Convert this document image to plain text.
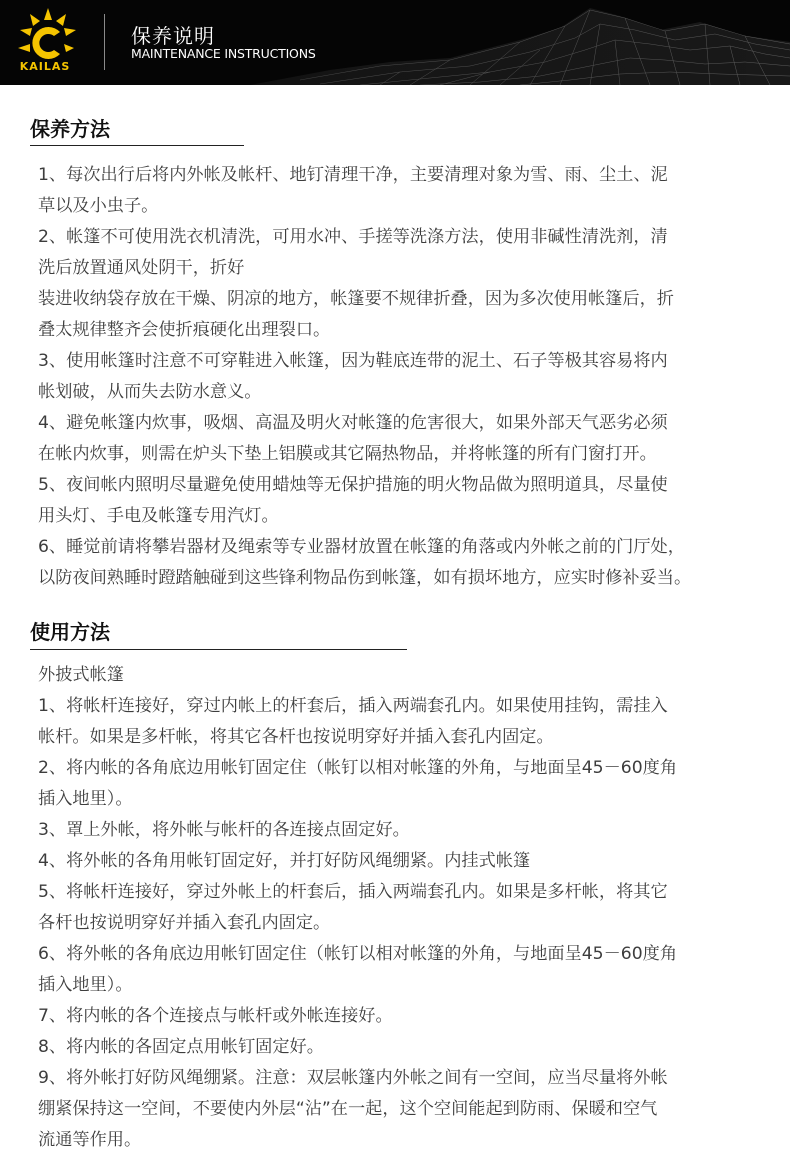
KAILAS
保养说明
MAINTENANCE INSTRUCTIONS
保养方法
1、每次出行后将内外帐及帐杆、地钉清理干净，主要清理对象为雪、雨、尘土、泥
草以及小虫子。
2、帐篷不可使用洗衣机清洗，可用水冲、手搓等洗涤方法，使用非碱性清洗剂，清
洗后放置通风处阴干，折好
装进收纳袋存放在干燥、阴凉的地方，帐篷要不规律折叠，因为多次使用帐篷后，折
叠太规律整齐会使折痕硬化出理裂口。
3、使用帐篷时注意不可穿鞋进入帐篷，因为鞋底连带的泥土、石子等极其容易将内
帐划破，从而失去防水意义。
4、避免帐篷内炊事，吸烟、高温及明火对帐篷的危害很大，如果外部天气恶劣必须
在帐内炊事，则需在炉头下垫上铝膜或其它隔热物品，并将帐篷的所有门窗打开。
5、夜间帐内照明尽量避免使用蜡烛等无保护措施的明火物品做为照明道具，尽量使
用头灯、手电及帐篷专用汽灯。
6、睡觉前请将攀岩器材及绳索等专业器材放置在帐篷的角落或内外帐之前的门厅处，
以防夜间熟睡时蹬踏触碰到这些锋利物品伤到帐篷，如有损坏地方，应实时修补妥当。
使用方法
外披式帐篷
1、将帐杆连接好，穿过内帐上的杆套后，插入两端套孔内。如果使用挂钩，需挂入
帐杆。如果是多杆帐，将其它各杆也按说明穿好并插入套孔内固定。
2、将内帐的各角底边用帐钉固定住（帐钉以相对帐篷的外角，与地面呈45－60度角
插入地里）。
3、罩上外帐，将外帐与帐杆的各连接点固定好。
4、将外帐的各角用帐钉固定好，并打好防风绳绷紧。内挂式帐篷
5、将帐杆连接好，穿过外帐上的杆套后，插入两端套孔内。如果是多杆帐，将其它
各杆也按说明穿好并插入套孔内固定。
6、将外帐的各角底边用帐钉固定住（帐钉以相对帐篷的外角，与地面呈45－60度角
插入地里）。
7、将内帐的各个连接点与帐杆或外帐连接好。
8、将内帐的各固定点用帐钉固定好。
9、将外帐打好防风绳绷紧。注意：双层帐篷内外帐之间有一空间，应当尽量将外帐
绷紧保持这一空间，不要使内外层“沾”在一起，这个空间能起到防雨、保暖和空气
流通等作用。
